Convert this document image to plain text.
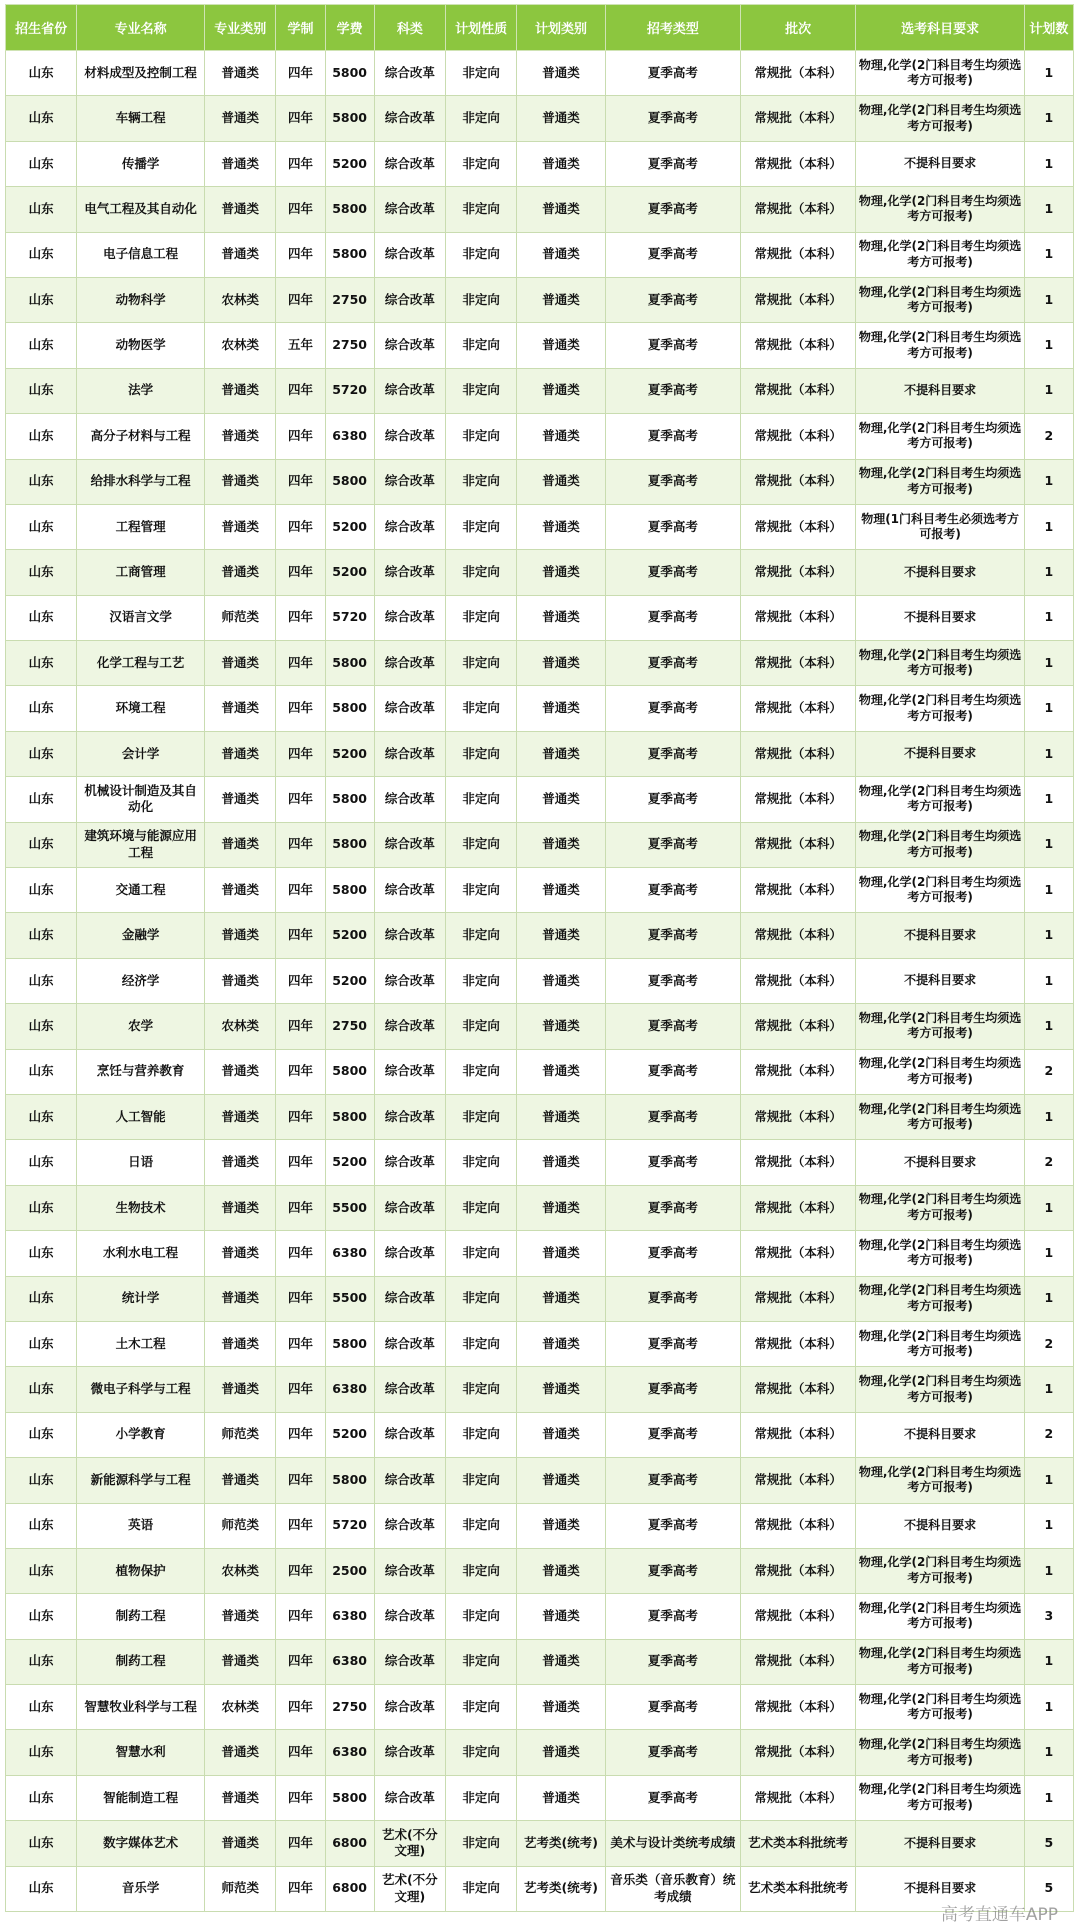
招生省份	专业名称	专业类别	学制	学费	科类	计划性质	计划类别	招考类型	批次	选考科目要求	计划数
山东	材料成型及控制工程	普通类	四年	5800	综合改革	非定向	普通类	夏季高考	常规批（本科）	物理,化学(2门科目考生均须选考方可报考)	1
山东	车辆工程	普通类	四年	5800	综合改革	非定向	普通类	夏季高考	常规批（本科）	物理,化学(2门科目考生均须选考方可报考)	1
山东	传播学	普通类	四年	5200	综合改革	非定向	普通类	夏季高考	常规批（本科）	不提科目要求	1
山东	电气工程及其自动化	普通类	四年	5800	综合改革	非定向	普通类	夏季高考	常规批（本科）	物理,化学(2门科目考生均须选考方可报考)	1
山东	电子信息工程	普通类	四年	5800	综合改革	非定向	普通类	夏季高考	常规批（本科）	物理,化学(2门科目考生均须选考方可报考)	1
山东	动物科学	农林类	四年	2750	综合改革	非定向	普通类	夏季高考	常规批（本科）	物理,化学(2门科目考生均须选考方可报考)	1
山东	动物医学	农林类	五年	2750	综合改革	非定向	普通类	夏季高考	常规批（本科）	物理,化学(2门科目考生均须选考方可报考)	1
山东	法学	普通类	四年	5720	综合改革	非定向	普通类	夏季高考	常规批（本科）	不提科目要求	1
山东	高分子材料与工程	普通类	四年	6380	综合改革	非定向	普通类	夏季高考	常规批（本科）	物理,化学(2门科目考生均须选考方可报考)	2
山东	给排水科学与工程	普通类	四年	5800	综合改革	非定向	普通类	夏季高考	常规批（本科）	物理,化学(2门科目考生均须选考方可报考)	1
山东	工程管理	普通类	四年	5200	综合改革	非定向	普通类	夏季高考	常规批（本科）	物理(1门科目考生必须选考方可报考)	1
山东	工商管理	普通类	四年	5200	综合改革	非定向	普通类	夏季高考	常规批（本科）	不提科目要求	1
山东	汉语言文学	师范类	四年	5720	综合改革	非定向	普通类	夏季高考	常规批（本科）	不提科目要求	1
山东	化学工程与工艺	普通类	四年	5800	综合改革	非定向	普通类	夏季高考	常规批（本科）	物理,化学(2门科目考生均须选考方可报考)	1
山东	环境工程	普通类	四年	5800	综合改革	非定向	普通类	夏季高考	常规批（本科）	物理,化学(2门科目考生均须选考方可报考)	1
山东	会计学	普通类	四年	5200	综合改革	非定向	普通类	夏季高考	常规批（本科）	不提科目要求	1
山东	机械设计制造及其自动化	普通类	四年	5800	综合改革	非定向	普通类	夏季高考	常规批（本科）	物理,化学(2门科目考生均须选考方可报考)	1
山东	建筑环境与能源应用工程	普通类	四年	5800	综合改革	非定向	普通类	夏季高考	常规批（本科）	物理,化学(2门科目考生均须选考方可报考)	1
山东	交通工程	普通类	四年	5800	综合改革	非定向	普通类	夏季高考	常规批（本科）	物理,化学(2门科目考生均须选考方可报考)	1
山东	金融学	普通类	四年	5200	综合改革	非定向	普通类	夏季高考	常规批（本科）	不提科目要求	1
山东	经济学	普通类	四年	5200	综合改革	非定向	普通类	夏季高考	常规批（本科）	不提科目要求	1
山东	农学	农林类	四年	2750	综合改革	非定向	普通类	夏季高考	常规批（本科）	物理,化学(2门科目考生均须选考方可报考)	1
山东	烹饪与营养教育	普通类	四年	5800	综合改革	非定向	普通类	夏季高考	常规批（本科）	物理,化学(2门科目考生均须选考方可报考)	2
山东	人工智能	普通类	四年	5800	综合改革	非定向	普通类	夏季高考	常规批（本科）	物理,化学(2门科目考生均须选考方可报考)	1
山东	日语	普通类	四年	5200	综合改革	非定向	普通类	夏季高考	常规批（本科）	不提科目要求	2
山东	生物技术	普通类	四年	5500	综合改革	非定向	普通类	夏季高考	常规批（本科）	物理,化学(2门科目考生均须选考方可报考)	1
山东	水利水电工程	普通类	四年	6380	综合改革	非定向	普通类	夏季高考	常规批（本科）	物理,化学(2门科目考生均须选考方可报考)	1
山东	统计学	普通类	四年	5500	综合改革	非定向	普通类	夏季高考	常规批（本科）	物理,化学(2门科目考生均须选考方可报考)	1
山东	土木工程	普通类	四年	5800	综合改革	非定向	普通类	夏季高考	常规批（本科）	物理,化学(2门科目考生均须选考方可报考)	2
山东	微电子科学与工程	普通类	四年	6380	综合改革	非定向	普通类	夏季高考	常规批（本科）	物理,化学(2门科目考生均须选考方可报考)	1
山东	小学教育	师范类	四年	5200	综合改革	非定向	普通类	夏季高考	常规批（本科）	不提科目要求	2
山东	新能源科学与工程	普通类	四年	5800	综合改革	非定向	普通类	夏季高考	常规批（本科）	物理,化学(2门科目考生均须选考方可报考)	1
山东	英语	师范类	四年	5720	综合改革	非定向	普通类	夏季高考	常规批（本科）	不提科目要求	1
山东	植物保护	农林类	四年	2500	综合改革	非定向	普通类	夏季高考	常规批（本科）	物理,化学(2门科目考生均须选考方可报考)	1
山东	制药工程	普通类	四年	6380	综合改革	非定向	普通类	夏季高考	常规批（本科）	物理,化学(2门科目考生均须选考方可报考)	3
山东	制药工程	普通类	四年	6380	综合改革	非定向	普通类	夏季高考	常规批（本科）	物理,化学(2门科目考生均须选考方可报考)	1
山东	智慧牧业科学与工程	农林类	四年	2750	综合改革	非定向	普通类	夏季高考	常规批（本科）	物理,化学(2门科目考生均须选考方可报考)	1
山东	智慧水利	普通类	四年	6380	综合改革	非定向	普通类	夏季高考	常规批（本科）	物理,化学(2门科目考生均须选考方可报考)	1
山东	智能制造工程	普通类	四年	5800	综合改革	非定向	普通类	夏季高考	常规批（本科）	物理,化学(2门科目考生均须选考方可报考)	1
山东	数字媒体艺术	普通类	四年	6800	艺术(不分文理)	非定向	艺考类(统考)	美术与设计类统考成绩	艺术类本科批统考	不提科目要求	5
山东	音乐学	师范类	四年	6800	艺术(不分文理)	非定向	艺考类(统考)	音乐类（音乐教育）统考成绩	艺术类本科批统考	不提科目要求	5
高考直通车APP
